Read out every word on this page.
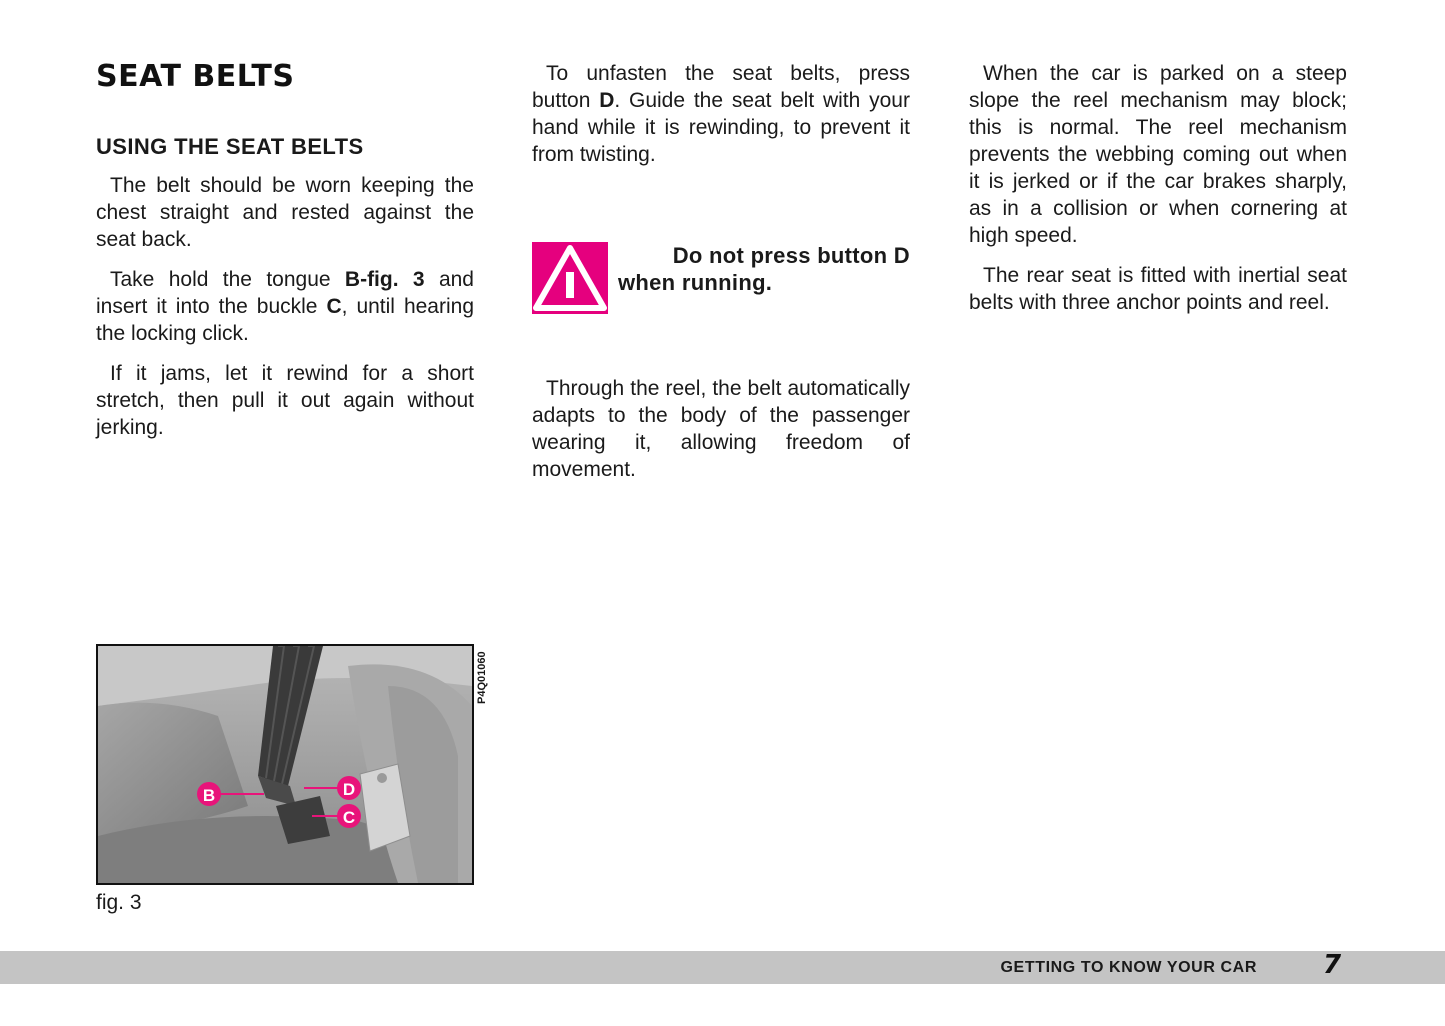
SEAT BELTS
USING THE SEAT BELTS

The belt should be worn keeping the chest straight and rested against the seat back.

Take hold the tongue B-fig. 3 and insert it into the buckle C, until hearing the locking click.

If it jams, let it rewind for a short stretch, then pull it out again without jerking.

To unfasten the seat belts, press button D. Guide the seat belt with your hand while it is rewinding, to prevent it from twisting.

Do not press button D
when running.

Through the reel, the belt automatically adapts to the body of the passenger wearing it, allowing freedom of movement.

When the car is parked on a steep slope the reel mechanism may block; this is normal. The reel mechanism prevents the webbing coming out when it is jerked or if the car brakes sharply, as in a collision or when cornering at high speed.

The rear seat is fitted with inertial seat belts with three anchor points and reel.

B	D
C
P4Q01060
fig. 3
GETTING TO KNOW YOUR CAR	7
